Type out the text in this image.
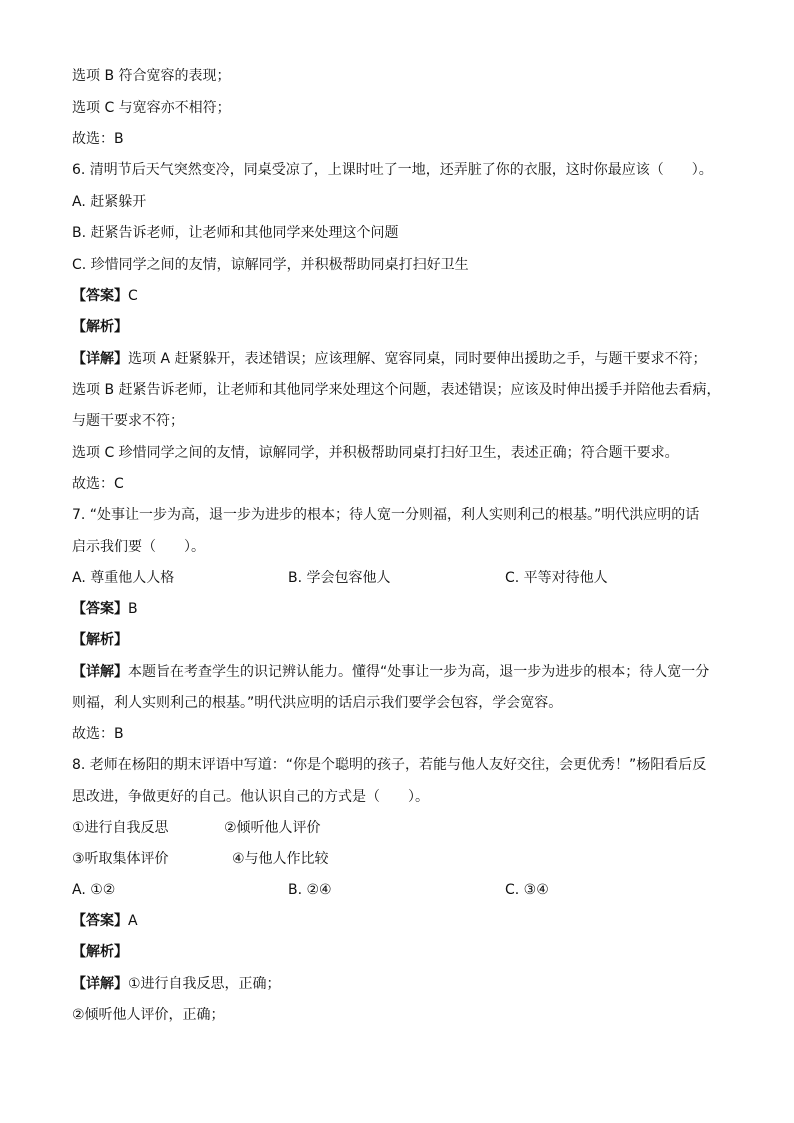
选项 B 符合宽容的表现；
选项 C 与宽容亦不相符；
故选：B
6. 清明节后天气突然变冷，同桌受凉了，上课时吐了一地，还弄脏了你的衣服，这时你最应该（　　）。
A. 赶紧躲开
B. 赶紧告诉老师，让老师和其他同学来处理这个问题
C. 珍惜同学之间的友情，谅解同学，并积极帮助同桌打扫好卫生
【答案】C
【解析】
【详解】选项 A 赶紧躲开，表述错误；应该理解、宽容同桌，同时要伸出援助之手，与题干要求不符；
选项 B 赶紧告诉老师，让老师和其他同学来处理这个问题，表述错误；应该及时伸出援手并陪他去看病，
与题干要求不符；
选项 C 珍惜同学之间的友情，谅解同学，并积极帮助同桌打扫好卫生，表述正确；符合题干要求。
故选：C
7. “处事让一步为高，退一步为进步的根本；待人宽一分则福，利人实则利己的根基。”明代洪应明的话
启示我们要（　　）。
A. 尊重他人人格	B. 学会包容他人	C. 平等对待他人
【答案】B
【解析】
【详解】本题旨在考查学生的识记辨认能力。懂得“处事让一步为高，退一步为进步的根本；待人宽一分
则福，利人实则利己的根基。”明代洪应明的话启示我们要学会包容，学会宽容。
故选：B
8. 老师在杨阳的期末评语中写道：“你是个聪明的孩子，若能与他人友好交往，会更优秀！”杨阳看后反
思改进，争做更好的自己。他认识自己的方式是（　　）。
①进行自我反思	②倾听他人评价
③听取集体评价	④与他人作比较
A. ①②	B. ②④	C. ③④
【答案】A
【解析】
【详解】①进行自我反思，正确；
②倾听他人评价，正确；
